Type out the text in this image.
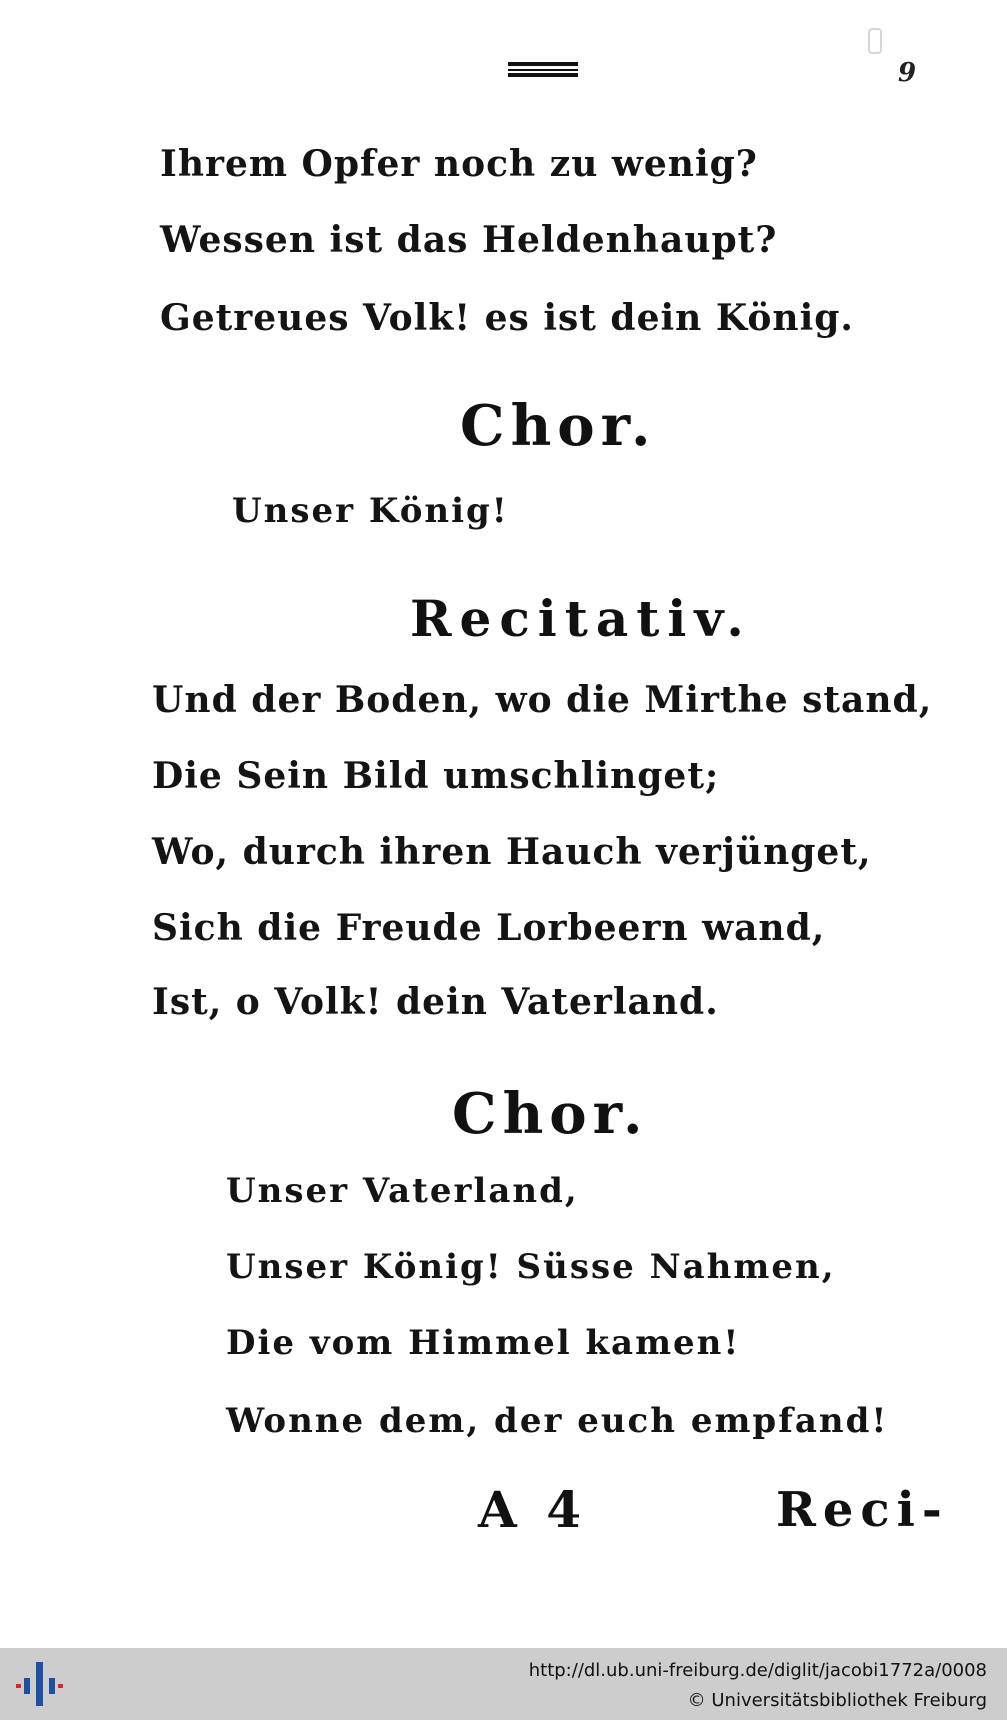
9
Ihrem Opfer noch zu wenig?
Wessen ist das Heldenhaupt?
Getreues Volk! es ist dein König.
Chor.
Unser König!
Recitativ.
Und der Boden, wo die Mirthe stand,
Die Sein Bild umschlinget;
Wo, durch ihren Hauch verjünget,
Sich die Freude Lorbeern wand,
Ist, o Volk! dein Vaterland.
Chor.
Unser Vaterland,
Unser König! Süsse Nahmen,
Die vom Himmel kamen!
Wonne dem, der euch empfand!
A 4	Reci-
http://dl.ub.uni-freiburg.de/diglit/jacobi1772a/0008
© Universitätsbibliothek Freiburg
